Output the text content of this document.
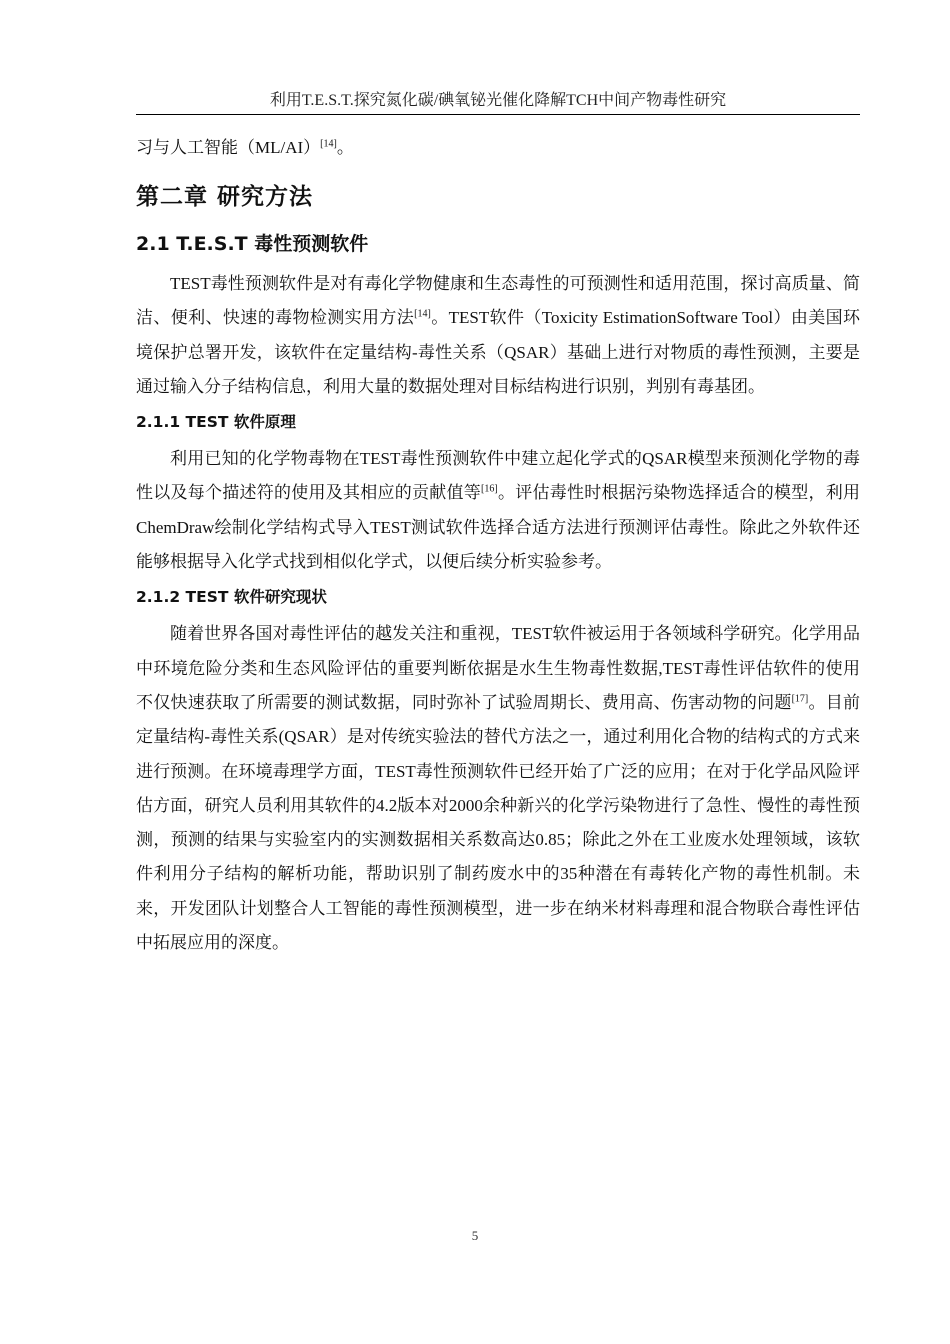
利用T.E.S.T.探究氮化碳/碘氧铋光催化降解TCH中间产物毒性研究

习与人工智能（ML/AI）[14]。

第二章 研究方法
2.1 T.E.S.T 毒性预测软件

TEST毒性预测软件是对有毒化学物健康和生态毒性的可预测性和适用范围，探讨高质量、简洁、便利、快速的毒物检测实用方法[14]。TEST软件（Toxicity EstimationSoftware Tool）由美国环境保护总署开发，该软件在定量结构-毒性关系（QSAR）基础上进行对物质的毒性预测，主要是通过输入分子结构信息，利用大量的数据处理对目标结构进行识别，判别有毒基团。

2.1.1 TEST 软件原理

利用已知的化学物毒物在TEST毒性预测软件中建立起化学式的QSAR模型来预测化学物的毒性以及每个描述符的使用及其相应的贡献值等[16]。评估毒性时根据污染物选择适合的模型，利用ChemDraw绘制化学结构式导入TEST测试软件选择合适方法进行预测评估毒性。除此之外软件还能够根据导入化学式找到相似化学式，以便后续分析实验参考。

2.1.2 TEST 软件研究现状

随着世界各国对毒性评估的越发关注和重视，TEST软件被运用于各领域科学研究。化学用品中环境危险分类和生态风险评估的重要判断依据是水生生物毒性数据,TEST毒性评估软件的使用不仅快速获取了所需要的测试数据，同时弥补了试验周期长、费用高、伤害动物的问题[17]。目前定量结构-毒性关系(QSAR）是对传统实验法的替代方法之一，通过利用化合物的结构式的方式来进行预测。在环境毒理学方面，TEST毒性预测软件已经开始了广泛的应用；在对于化学品风险评估方面，研究人员利用其软件的4.2版本对2000余种新兴的化学污染物进行了急性、慢性的毒性预测，预测的结果与实验室内的实测数据相关系数高达0.85；除此之外在工业废水处理领域，该软件利用分子结构的解析功能，帮助识别了制药废水中的35种潜在有毒转化产物的毒性机制。未来，开发团队计划整合人工智能的毒性预测模型，进一步在纳米材料毒理和混合物联合毒性评估中拓展应用的深度。

5
